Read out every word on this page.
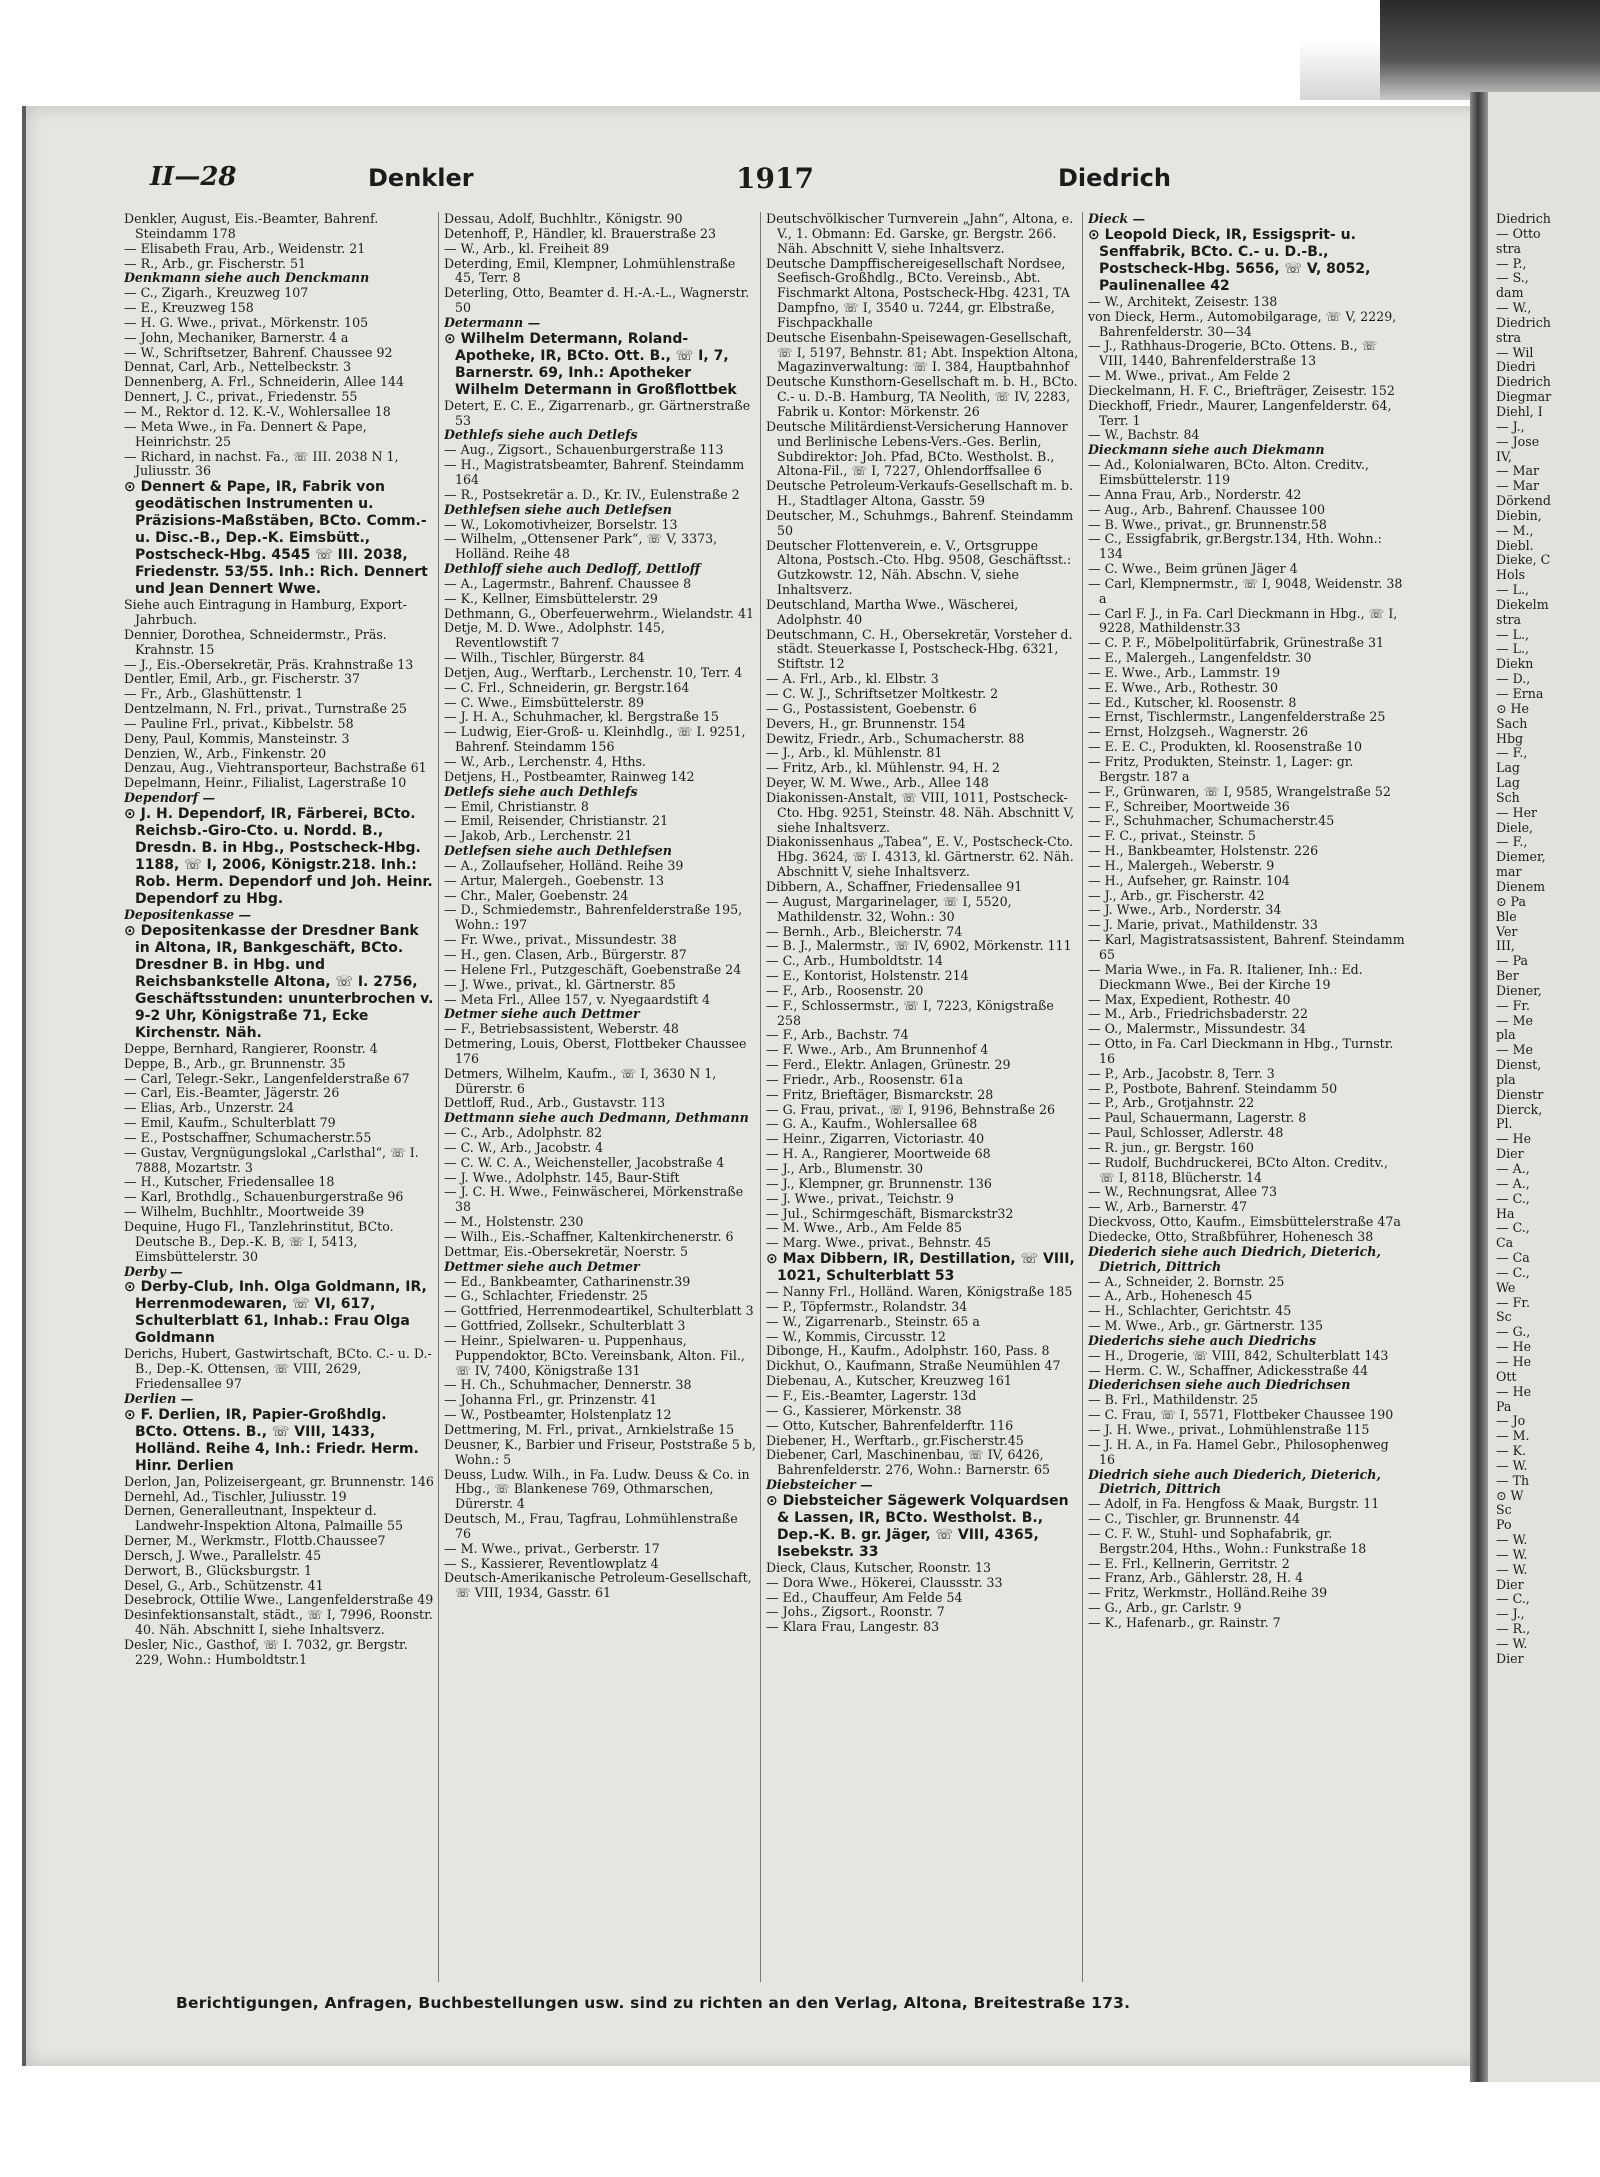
II—28	Denkler	1917	Diedrich

Denkler, August, Eis.-Beamter, Bahrenf. Steindamm 178

— Elisabeth Frau, Arb., Weidenstr. 21

— R., Arb., gr. Fischerstr. 51

Denkmann siehe auch Denckmann

— C., Zigarh., Kreuzweg 107

— E., Kreuzweg 158

— H. G. Wwe., privat., Mörkenstr. 105

— John, Mechaniker, Barnerstr. 4 a

— W., Schriftsetzer, Bahrenf. Chaussee 92

Dennat, Carl, Arb., Nettelbeckstr. 3

Dennenberg, A. Frl., Schneiderin, Allee 144

Dennert, J. C., privat., Friedenstr. 55

— M., Rektor d. 12. K.-V., Wohlersallee 18

— Meta Wwe., in Fa. Dennert & Pape, Heinrichstr. 25

— Richard, in nachst. Fa., ☏ III. 2038 N 1, Juliusstr. 36

⊙ Dennert & Pape, IR, Fabrik von geodätischen Instrumenten u. Präzisions-Maßstäben, BCto. Comm.- u. Disc.-B., Dep.-K. Eimsbütt., Postscheck-Hbg. 4545 ☏ III. 2038, Friedenstr. 53/55. Inh.: Rich. Dennert und Jean Dennert Wwe.

Siehe auch Eintragung in Hamburg, Export-Jahrbuch.

Dennier, Dorothea, Schneidermstr., Präs. Krahnstr. 15

— J., Eis.-Obersekretär, Präs. Krahnstraße 13

Dentler, Emil, Arb., gr. Fischerstr. 37

— Fr., Arb., Glashüttenstr. 1

Dentzelmann, N. Frl., privat., Turnstraße 25

— Pauline Frl., privat., Kibbelstr. 58

Deny, Paul, Kommis, Mansteinstr. 3

Denzien, W., Arb., Finkenstr. 20

Denzau, Aug., Viehtransporteur, Bachstraße 61

Depelmann, Heinr., Filialist, Lagerstraße 10

Dependorf —

⊙ J. H. Dependorf, IR, Färberei, BCto. Reichsb.-Giro-Cto. u. Nordd. B., Dresdn. B. in Hbg., Postscheck-Hbg. 1188, ☏ I, 2006, Königstr.218. Inh.: Rob. Herm. Dependorf und Joh. Heinr. Dependorf zu Hbg.

Depositenkasse —

⊙ Depositenkasse der Dresdner Bank in Altona, IR, Bankgeschäft, BCto. Dresdner B. in Hbg. und Reichsbankstelle Altona, ☏ I. 2756, Geschäftsstunden: ununterbrochen v. 9-2 Uhr, Königstraße 71, Ecke Kirchenstr. Näh.

Deppe, Bernhard, Rangierer, Roonstr. 4

Deppe, B., Arb., gr. Brunnenstr. 35

— Carl, Telegr.-Sekr., Langenfelderstraße 67

— Carl, Eis.-Beamter, Jägerstr. 26

— Elias, Arb., Unzerstr. 24

— Emil, Kaufm., Schulterblatt 79

— E., Postschaffner, Schumacherstr.55

— Gustav, Vergnügungslokal „Carlsthal“, ☏ I. 7888, Mozartstr. 3

— H., Kutscher, Friedensallee 18

— Karl, Brothdlg., Schauenburgerstraße 96

— Wilhelm, Buchhltr., Moortweide 39

Dequine, Hugo Fl., Tanzlehrinstitut, BCto. Deutsche B., Dep.-K. B, ☏ I, 5413, Eimsbüttelerstr. 30

Derby —

⊙ Derby-Club, Inh. Olga Goldmann, IR, Herrenmodewaren, ☏ VI, 617, Schulterblatt 61, Inhab.: Frau Olga Goldmann

Derichs, Hubert, Gastwirtschaft, BCto. C.- u. D.-B., Dep.-K. Ottensen, ☏ VIII, 2629, Friedensallee 97

Derlien —

⊙ F. Derlien, IR, Papier-Großhdlg. BCto. Ottens. B., ☏ VIII, 1433, Holländ. Reihe 4, Inh.: Friedr. Herm. Hinr. Derlien

Derlon, Jan, Polizeisergeant, gr. Brunnenstr. 146

Dernehl, Ad., Tischler, Juliusstr. 19

Dernen, Generalleutnant, Inspekteur d. Landwehr-Inspektion Altona, Palmaille 55

Derner, M., Werkmstr., Flottb.Chaussee7

Dersch, J. Wwe., Parallelstr. 45

Derwort, B., Glücksburgstr. 1

Desel, G., Arb., Schützenstr. 41

Desebrock, Ottilie Wwe., Langenfelderstraße 49

Desinfektionsanstalt, städt., ☏ I, 7996, Roonstr. 40. Näh. Abschnitt I, siehe Inhaltsverz.

Desler, Nic., Gasthof, ☏ I. 7032, gr. Bergstr. 229, Wohn.: Humboldtstr.1

Dessau, Adolf, Buchhltr., Königstr. 90

Detenhoff, P., Händler, kl. Brauerstraße 23

— W., Arb., kl. Freiheit 89

Deterding, Emil, Klempner, Lohmühlenstraße 45, Terr. 8

Deterling, Otto, Beamter d. H.-A.-L., Wagnerstr. 50

Determann —

⊙ Wilhelm Determann, Roland-Apotheke, IR, BCto. Ott. B., ☏ I, 7, Barnerstr. 69, Inh.: Apotheker Wilhelm Determann in Großflottbek

Detert, E. C. E., Zigarrenarb., gr. Gärtnerstraße 53

Dethlefs siehe auch Detlefs

— Aug., Zigsort., Schauenburgerstraße 113

— H., Magistratsbeamter, Bahrenf. Steindamm 164

— R., Postsekretär a. D., Kr. IV., Eulenstraße 2

Dethlefsen siehe auch Detlefsen

— W., Lokomotivheizer, Borselstr. 13

— Wilhelm, „Ottensener Park“, ☏ V, 3373, Holländ. Reihe 48

Dethloff siehe auch Dedloff, Dettloff

— A., Lagermstr., Bahrenf. Chaussee 8

— K., Kellner, Eimsbüttelerstr. 29

Dethmann, G., Oberfeuerwehrm., Wielandstr. 41

Detje, M. D. Wwe., Adolphstr. 145, Reventlowstift 7

— Wilh., Tischler, Bürgerstr. 84

Detjen, Aug., Werftarb., Lerchenstr. 10, Terr. 4

— C. Frl., Schneiderin, gr. Bergstr.164

— C. Wwe., Eimsbüttelerstr. 89

— J. H. A., Schuhmacher, kl. Bergstraße 15

— Ludwig, Eier-Groß- u. Kleinhdlg., ☏ I. 9251, Bahrenf. Steindamm 156

— W., Arb., Lerchenstr. 4, Hths.

Detjens, H., Postbeamter, Rainweg 142

Detlefs siehe auch Dethlefs

— Emil, Christianstr. 8

— Emil, Reisender, Christianstr. 21

— Jakob, Arb., Lerchenstr. 21

Detlefsen siehe auch Dethlefsen

— A., Zollaufseher, Holländ. Reihe 39

— Artur, Malergeh., Goebenstr. 13

— Chr., Maler, Goebenstr. 24

— D., Schmiedemstr., Bahrenfelderstraße 195, Wohn.: 197

— Fr. Wwe., privat., Missundestr. 38

— H., gen. Clasen, Arb., Bürgerstr. 87

— Helene Frl., Putzgeschäft, Goebenstraße 24

— J. Wwe., privat., kl. Gärtnerstr. 85

— Meta Frl., Allee 157, v. Nyegaardstift 4

Detmer siehe auch Dettmer

— F., Betriebsassistent, Weberstr. 48

Detmering, Louis, Oberst, Flottbeker Chaussee 176

Detmers, Wilhelm, Kaufm., ☏ I, 3630 N 1, Dürerstr. 6

Dettloff, Rud., Arb., Gustavstr. 113

Dettmann siehe auch Dedmann, Dethmann

— C., Arb., Adolphstr. 82

— C. W., Arb., Jacobstr. 4

— C. W. C. A., Weichensteller, Jacobstraße 4

— J. Wwe., Adolphstr. 145, Baur-Stift

— J. C. H. Wwe., Feinwäscherei, Mörkenstraße 38

— M., Holstenstr. 230

— Wilh., Eis.-Schaffner, Kaltenkirchenerstr. 6

Dettmar, Eis.-Obersekretär, Noerstr. 5

Dettmer siehe auch Detmer

— Ed., Bankbeamter, Catharinenstr.39

— G., Schlachter, Friedenstr. 25

— Gottfried, Herrenmodeartikel, Schulterblatt 3

— Gottfried, Zollsekr., Schulterblatt 3

— Heinr., Spielwaren- u. Puppenhaus, Puppendoktor, BCto. Vereinsbank, Alton. Fil., ☏ IV, 7400, Königstraße 131

— H. Ch., Schuhmacher, Dennerstr. 38

— Johanna Frl., gr. Prinzenstr. 41

— W., Postbeamter, Holstenplatz 12

Dettmering, M. Frl., privat., Arnkielstraße 15

Deusner, K., Barbier und Friseur, Poststraße 5 b, Wohn.: 5

Deuss, Ludw. Wilh., in Fa. Ludw. Deuss & Co. in Hbg., ☏ Blankenese 769, Othmarschen, Dürerstr. 4

Deutsch, M., Frau, Tagfrau, Lohmühlenstraße 76

— M. Wwe., privat., Gerberstr. 17

— S., Kassierer, Reventlowplatz 4

Deutsch-Amerikanische Petroleum-Gesellschaft, ☏ VIII, 1934, Gasstr. 61

Deutschvölkischer Turnverein „Jahn“, Altona, e. V., 1. Obmann: Ed. Garske, gr. Bergstr. 266. Näh. Abschnitt V, siehe Inhaltsverz.

Deutsche Dampffischereigesellschaft Nordsee, Seefisch-Großhdlg., BCto. Vereinsb., Abt. Fischmarkt Altona, Postscheck-Hbg. 4231, TA Dampfno, ☏ I, 3540 u. 7244, gr. Elbstraße, Fischpackhalle

Deutsche Eisenbahn-Speisewagen-Gesellschaft, ☏ I, 5197, Behnstr. 81; Abt. Inspektion Altona, Magazinverwaltung: ☏ I. 384, Hauptbahnhof

Deutsche Kunsthorn-Gesellschaft m. b. H., BCto. C.- u. D.-B. Hamburg, TA Neolith, ☏ IV, 2283, Fabrik u. Kontor: Mörkenstr. 26

Deutsche Militärdienst-Versicherung Hannover und Berlinische Lebens-Vers.-Ges. Berlin, Subdirektor: Joh. Pfad, BCto. Westholst. B., Altona-Fil., ☏ I, 7227, Ohlendorffsallee 6

Deutsche Petroleum-Verkaufs-Gesellschaft m. b. H., Stadtlager Altona, Gasstr. 59

Deutscher, M., Schuhmgs., Bahrenf. Steindamm 50

Deutscher Flottenverein, e. V., Ortsgruppe Altona, Postsch.-Cto. Hbg. 9508, Geschäftsst.: Gutzkowstr. 12, Näh. Abschn. V, siehe Inhaltsverz.

Deutschland, Martha Wwe., Wäscherei, Adolphstr. 40

Deutschmann, C. H., Obersekretär, Vorsteher d. städt. Steuerkasse I, Postscheck-Hbg. 6321, Stiftstr. 12

— A. Frl., Arb., kl. Elbstr. 3

— C. W. J., Schriftsetzer Moltkestr. 2

— G., Postassistent, Goebenstr. 6

Devers, H., gr. Brunnenstr. 154

Dewitz, Friedr., Arb., Schumacherstr. 88

— J., Arb., kl. Mühlenstr. 81

— Fritz, Arb., kl. Mühlenstr. 94, H. 2

Deyer, W. M. Wwe., Arb., Allee 148

Diakonissen-Anstalt, ☏ VIII, 1011, Postscheck-Cto. Hbg. 9251, Steinstr. 48. Näh. Abschnitt V, siehe Inhaltsverz.

Diakonissenhaus „Tabea“, E. V., Postscheck-Cto. Hbg. 3624, ☏ I. 4313, kl. Gärtnerstr. 62. Näh. Abschnitt V, siehe Inhaltsverz.

Dibbern, A., Schaffner, Friedensallee 91

— August, Margarinelager, ☏ I, 5520, Mathildenstr. 32, Wohn.: 30

— Bernh., Arb., Bleicherstr. 74

— B. J., Malermstr., ☏ IV, 6902, Mörkenstr. 111

— C., Arb., Humboldtstr. 14

— E., Kontorist, Holstenstr. 214

— F., Arb., Roosenstr. 20

— F., Schlossermstr., ☏ I, 7223, Königstraße 258

— F., Arb., Bachstr. 74

— F. Wwe., Arb., Am Brunnenhof 4

— Ferd., Elektr. Anlagen, Grünestr. 29

— Friedr., Arb., Roosenstr. 61a

— Fritz, Brieftäger, Bismarckstr. 28

— G. Frau, privat., ☏ I, 9196, Behnstraße 26

— G. A., Kaufm., Wohlersallee 68

— Heinr., Zigarren, Victoriastr. 40

— H. A., Rangierer, Moortweide 68

— J., Arb., Blumenstr. 30

— J., Klempner, gr. Brunnenstr. 136

— J. Wwe., privat., Teichstr. 9

— Jul., Schirmgeschäft, Bismarckstr32

— M. Wwe., Arb., Am Felde 85

— Marg. Wwe., privat., Behnstr. 45

⊙ Max Dibbern, IR, Destillation, ☏ VIII, 1021, Schulterblatt 53

— Nanny Frl., Holländ. Waren, Königstraße 185

— P., Töpfermstr., Rolandstr. 34

— W., Zigarrenarb., Steinstr. 65 a

— W., Kommis, Circusstr. 12

Dibonge, H., Kaufm., Adolphstr. 160, Pass. 8

Dickhut, O., Kaufmann, Straße Neumühlen 47

Diebenau, A., Kutscher, Kreuzweg 161

— F., Eis.-Beamter, Lagerstr. 13d

— G., Kassierer, Mörkenstr. 38

— Otto, Kutscher, Bahrenfelderftr. 116

Diebener, H., Werftarb., gr.Fischerstr.45

Diebener, Carl, Maschinenbau, ☏ IV, 6426, Bahrenfelderstr. 276, Wohn.: Barnerstr. 65

Diebsteicher —

⊙ Diebsteicher Sägewerk Volquardsen & Lassen, IR, BCto. Westholst. B., Dep.-K. B. gr. Jäger, ☏ VIII, 4365, Isebekstr. 33

Dieck, Claus, Kutscher, Roonstr. 13

— Dora Wwe., Hökerei, Claussstr. 33

— Ed., Chauffeur, Am Felde 54

— Johs., Zigsort., Roonstr. 7

— Klara Frau, Langestr. 83

Dieck —

⊙ Leopold Dieck, IR, Essigsprit- u. Senffabrik, BCto. C.- u. D.-B., Postscheck-Hbg. 5656, ☏ V, 8052, Paulinenallee 42

— W., Architekt, Zeisestr. 138

von Dieck, Herm., Automobilgarage, ☏ V, 2229, Bahrenfelderstr. 30—34

— J., Rathhaus-Drogerie, BCto. Ottens. B., ☏ VIII, 1440, Bahrenfelderstraße 13

— M. Wwe., privat., Am Felde 2

Dieckelmann, H. F. C., Briefträger, Zeisestr. 152

Dieckhoff, Friedr., Maurer, Langenfelderstr. 64, Terr. 1

— W., Bachstr. 84

Dieckmann siehe auch Diekmann

— Ad., Kolonialwaren, BCto. Alton. Creditv., Eimsbüttelerstr. 119

— Anna Frau, Arb., Norderstr. 42

— Aug., Arb., Bahrenf. Chaussee 100

— B. Wwe., privat., gr. Brunnenstr.58

— C., Essigfabrik, gr.Bergstr.134, Hth. Wohn.: 134

— C. Wwe., Beim grünen Jäger 4

— Carl, Klempnermstr., ☏ I, 9048, Weidenstr. 38 a

— Carl F. J., in Fa. Carl Dieckmann in Hbg., ☏ I, 9228, Mathildenstr.33

— C. P. F., Möbelpolitürfabrik, Grünestraße 31

— E., Malergeh., Langenfeldstr. 30

— E. Wwe., Arb., Lammstr. 19

— E. Wwe., Arb., Rothestr. 30

— Ed., Kutscher, kl. Roosenstr. 8

— Ernst, Tischlermstr., Langenfelderstraße 25

— Ernst, Holzgseh., Wagnerstr. 26

— E. E. C., Produkten, kl. Roosenstraße 10

— Fritz, Produkten, Steinstr. 1, Lager: gr. Bergstr. 187 a

— F., Grünwaren, ☏ I, 9585, Wrangelstraße 52

— F., Schreiber, Moortweide 36

— F., Schuhmacher, Schumacherstr.45

— F. C., privat., Steinstr. 5

— H., Bankbeamter, Holstenstr. 226

— H., Malergeh., Weberstr. 9

— H., Aufseher, gr. Rainstr. 104

— J., Arb., gr. Fischerstr. 42

— J. Wwe., Arb., Norderstr. 34

— J. Marie, privat., Mathildenstr. 33

— Karl, Magistratsassistent, Bahrenf. Steindamm 65

— Maria Wwe., in Fa. R. Italiener, Inh.: Ed. Dieckmann Wwe., Bei der Kirche 19

— Max, Expedient, Rothestr. 40

— M., Arb., Friedrichsbaderstr. 22

— O., Malermstr., Missundestr. 34

— Otto, in Fa. Carl Dieckmann in Hbg., Turnstr. 16

— P., Arb., Jacobstr. 8, Terr. 3

— P., Postbote, Bahrenf. Steindamm 50

— P., Arb., Grotjahnstr. 22

— Paul, Schauermann, Lagerstr. 8

— Paul, Schlosser, Adlerstr. 48

— R. jun., gr. Bergstr. 160

— Rudolf, Buchdruckerei, BCto Alton. Creditv., ☏ I, 8118, Blücherstr. 14

— W., Rechnungsrat, Allee 73

— W., Arb., Barnerstr. 47

Dieckvoss, Otto, Kaufm., Eimsbüttelerstraße 47a

Diedecke, Otto, Straßbführer, Hohenesch 38

Diederich siehe auch Diedrich, Dieterich, Dietrich, Dittrich

— A., Schneider, 2. Bornstr. 25

— A., Arb., Hohenesch 45

— H., Schlachter, Gerichtstr. 45

— M. Wwe., Arb., gr. Gärtnerstr. 135

Diederichs siehe auch Diedrichs

— H., Drogerie, ☏ VIII, 842, Schulterblatt 143

— Herm. C. W., Schaffner, Adickesstraße 44

Diederichsen siehe auch Diedrichsen

— B. Frl., Mathildenstr. 25

— C. Frau, ☏ I, 5571, Flottbeker Chaussee 190

— J. H. Wwe., privat., Lohmühlenstraße 115

— J. H. A., in Fa. Hamel Gebr., Philosophenweg 16

Diedrich siehe auch Diederich, Dieterich, Dietrich, Dittrich

— Adolf, in Fa. Hengfoss & Maak, Burgstr. 11

— C., Tischler, gr. Brunnenstr. 44

— C. F. W., Stuhl- und Sophafabrik, gr. Bergstr.204, Hths., Wohn.: Funkstraße 18

— E. Frl., Kellnerin, Gerritstr. 2

— Franz, Arb., Gählerstr. 28, H. 4

— Fritz, Werkmstr., Holländ.Reihe 39

— G., Arb., gr. Carlstr. 9

— K., Hafenarb., gr. Rainstr. 7

Diedrich

— Otto

stra

— P.,

— S.,

dam

— W.,

Diedrich

stra

— Wil

Diedri

Diedrich

Diegmar

Diehl, I

— J.,

— Jose

IV,

— Mar

— Mar

Dörkend

Diebin,

— M.,

Diebl.

Dieke, C

Hols

— L.,

Diekelm

stra

— L.,

— L.,

Diekn

— D.,

— Erna

⊙ He

Sach

Hbg

— F.,

Lag

Lag

Sch

— Her

Diele,

— F.,

Diemer,

mar

Dienem

⊙ Pa

Ble

Ver

III,

— Pa

Ber

Diener,

— Fr.

— Me

pla

— Me

Dienst,

pla

Dienstr

Dierck,

Pl.

— He

Dier

— A.,

— A.,

— C.,

Ha

— C.,

Ca

— Ca

— C.,

We

— Fr.

Sc

— G.,

— He

— He

Ott

— He

Pa

— Jo

— M.

— K.

— W.

— Th

⊙ W

Sc

Po

— W.

— W.

— W.

Dier

— C.,

— J.,

— R.,

— W.

Dier

Berichtigungen, Anfragen, Buchbestellungen usw. sind zu richten an den Verlag, Altona, Breitestraße 173.
